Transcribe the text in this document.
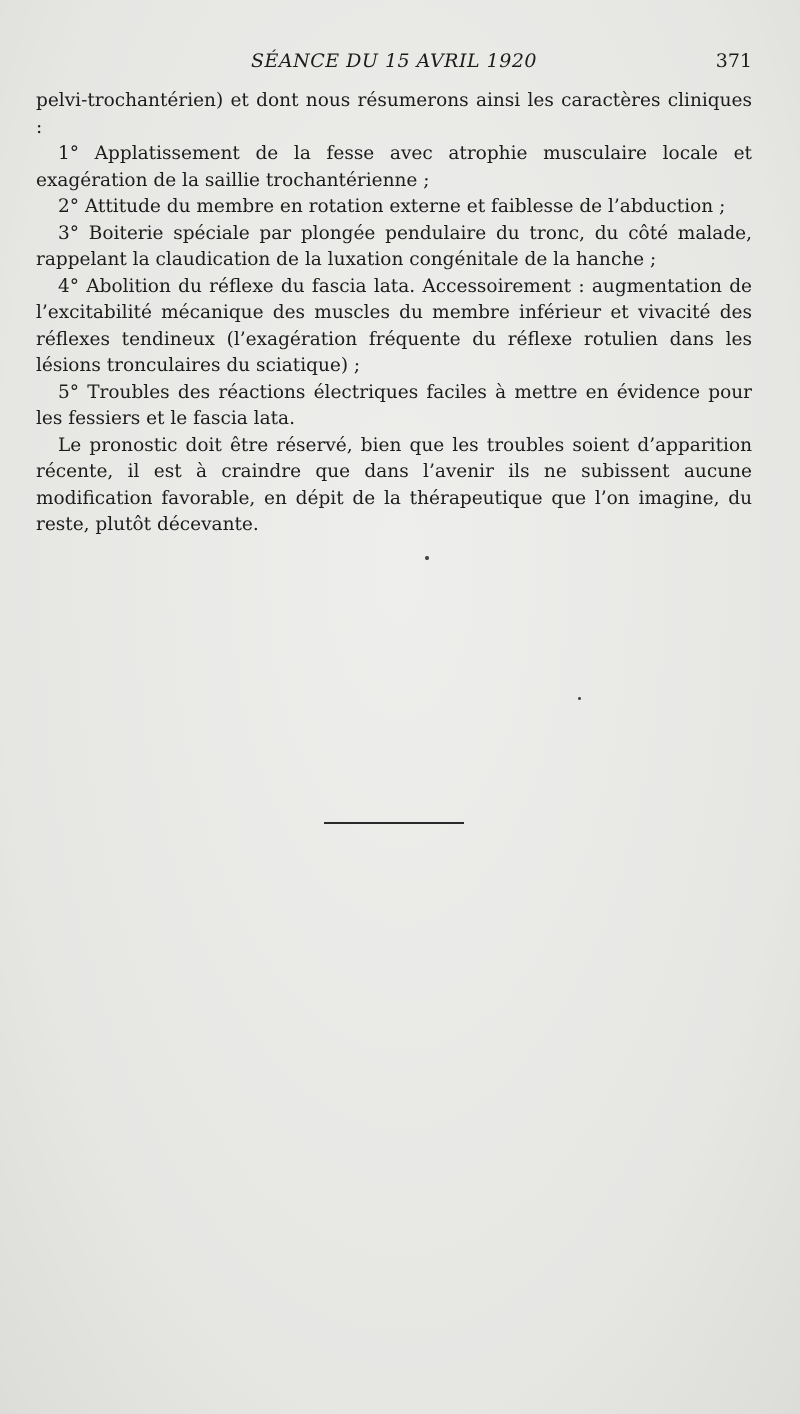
SÉANCE DU 15 AVRIL 1920	371

pelvi-trochantérien) et dont nous résumerons ainsi les caractères cliniques :

1° Applatissement de la fesse avec atrophie musculaire locale et exagération de la saillie trochantérienne ;

2° Attitude du membre en rotation externe et faiblesse de l’abduction ;

3° Boiterie spéciale par plongée pendulaire du tronc, du côté malade, rappelant la claudication de la luxation congénitale de la hanche ;

4° Abolition du réflexe du fascia lata. Accessoirement : augmentation de l’excitabilité mécanique des muscles du membre inférieur et vivacité des réflexes tendineux (l’exagération fréquente du réflexe rotulien dans les lésions tronculaires du sciatique) ;

5° Troubles des réactions électriques faciles à mettre en évidence pour les fessiers et le fascia lata.

Le pronostic doit être réservé, bien que les troubles soient d’apparition récente, il est à craindre que dans l’avenir ils ne subissent aucune modification favorable, en dépit de la thérapeutique que l’on imagine, du reste, plutôt décevante.
